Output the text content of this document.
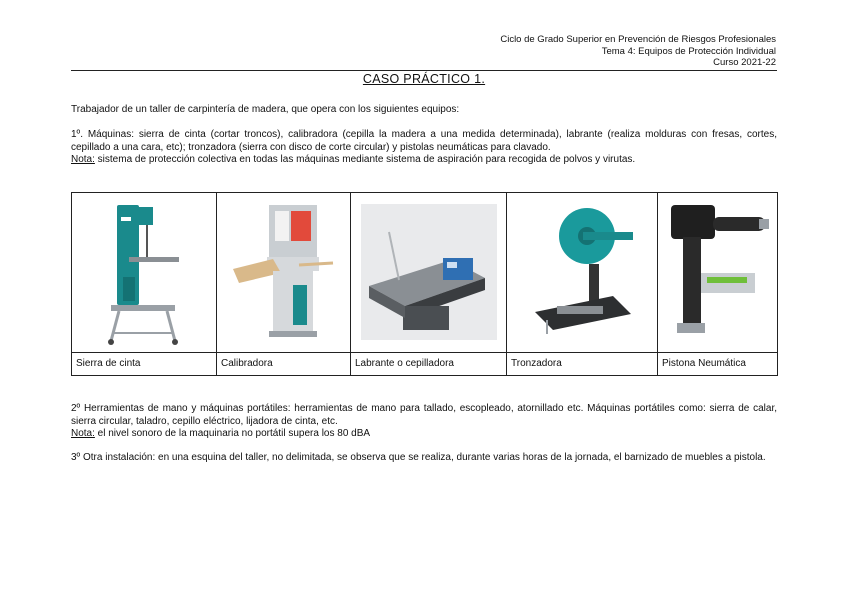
Ciclo de Grado Superior en Prevención de Riesgos Profesionales
Tema 4: Equipos de Protección Individual
Curso 2021-22
CASO PRÁCTICO 1.
Trabajador de un taller de carpintería de madera, que opera con los siguientes equipos:
1º. Máquinas: sierra de cinta (cortar troncos), calibradora (cepilla la madera a una medida determinada), labrante (realiza molduras con fresas, cortes, cepillado a una cara, etc); tronzadora (sierra con disco de corte circular) y pistolas neumáticas para clavado.
Nota: sistema de protección colectiva en todas las máquinas mediante sistema de aspiración para recogida de polvos y virutas.

Sierra de cinta	Calibradora	Labrante o cepilladora	Tronzadora	Pistona Neumática
2º Herramientas de mano y máquinas portátiles: herramientas de mano para tallado, escopleado, atornillado etc. Máquinas portátiles como: sierra de calar, sierra circular, taladro, cepillo eléctrico, lijadora de cinta, etc.
Nota: el nivel sonoro de la maquinaria no portátil supera los 80 dBA
3º Otra instalación: en una esquina del taller, no delimitada, se observa que se realiza, durante varias horas de la jornada, el barnizado de muebles a pistola.
